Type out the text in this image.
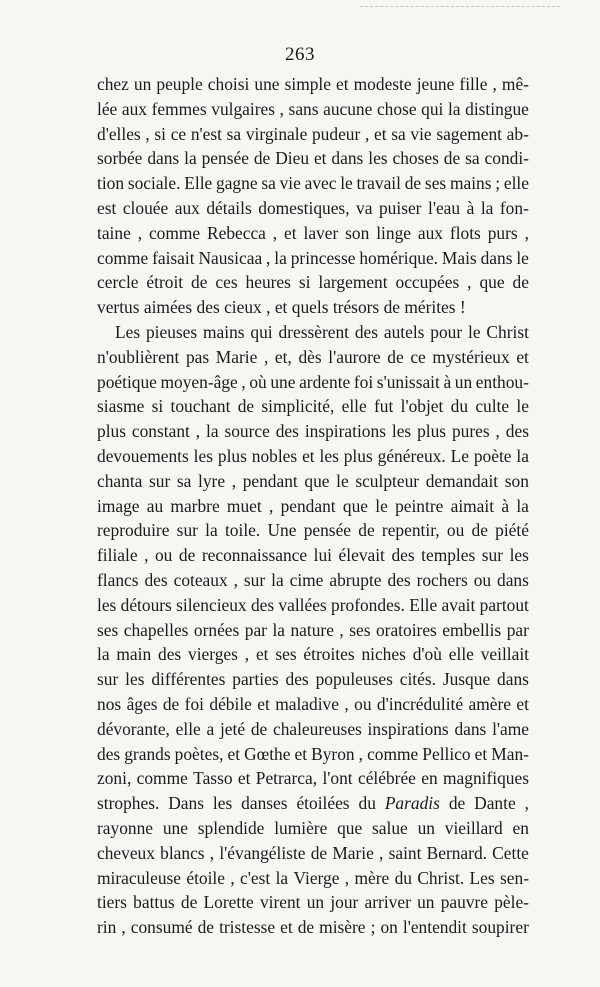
263
chez un peuple choisi une simple et modeste jeune fille , mê-
lée aux femmes vulgaires , sans aucune chose qui la distingue
d'elles , si ce n'est sa virginale pudeur , et sa vie sagement ab-
sorbée dans la pensée de Dieu et dans les choses de sa condi-
tion sociale. Elle gagne sa vie avec le travail de ses mains ; elle
est clouée aux détails domestiques, va puiser l'eau à la fon-
taine , comme Rebecca , et laver son linge aux flots purs ,
comme faisait Nausicaa , la princesse homérique. Mais dans le
cercle étroit de ces heures si largement occupées , que de
vertus
aimées
des
cieux
,
et
quels
trésors
de
mérites
!

Les pieuses mains qui dressèrent des autels pour le Christ
n'oublièrent pas Marie , et, dès l'aurore de ce mystérieux et
poétique moyen-âge , où une ardente foi s'unissait à un enthou-
siasme si touchant de simplicité, elle fut l'objet du culte le
plus constant , la source des inspirations les plus pures , des
devouements les plus nobles et les plus généreux. Le poète la
chanta sur sa lyre , pendant que le sculpteur demandait son
image au marbre muet , pendant que le peintre aimait à la
reproduire sur la toile. Une pensée de repentir, ou de piété
filiale , ou de reconnaissance lui élevait des temples sur les
flancs des coteaux , sur la cime abrupte des rochers ou dans
les détours silencieux des vallées profondes. Elle avait partout
ses chapelles ornées par la nature , ses oratoires embellis par
la main des vierges , et ses étroites niches d'où elle veillait
sur les différentes parties des populeuses cités. Jusque dans
nos âges de foi débile et maladive , ou d'incrédulité amère et
dévorante, elle a jeté de chaleureuses inspirations dans l'ame
des grands poètes, et Gœthe et Byron , comme Pellico et Man-
zoni, comme Tasso et Petrarca, l'ont célébrée en magnifiques
strophes. Dans les danses étoilées du Paradis de Dante ,
rayonne une splendide lumière que salue un vieillard en
cheveux blancs , l'évangéliste de Marie , saint Bernard. Cette
miraculeuse étoile , c'est la Vierge , mère du Christ. Les sen-
tiers battus de Lorette virent un jour arriver un pauvre pèle-
rin , consumé de tristesse et de misère ; on l'entendit soupirer
